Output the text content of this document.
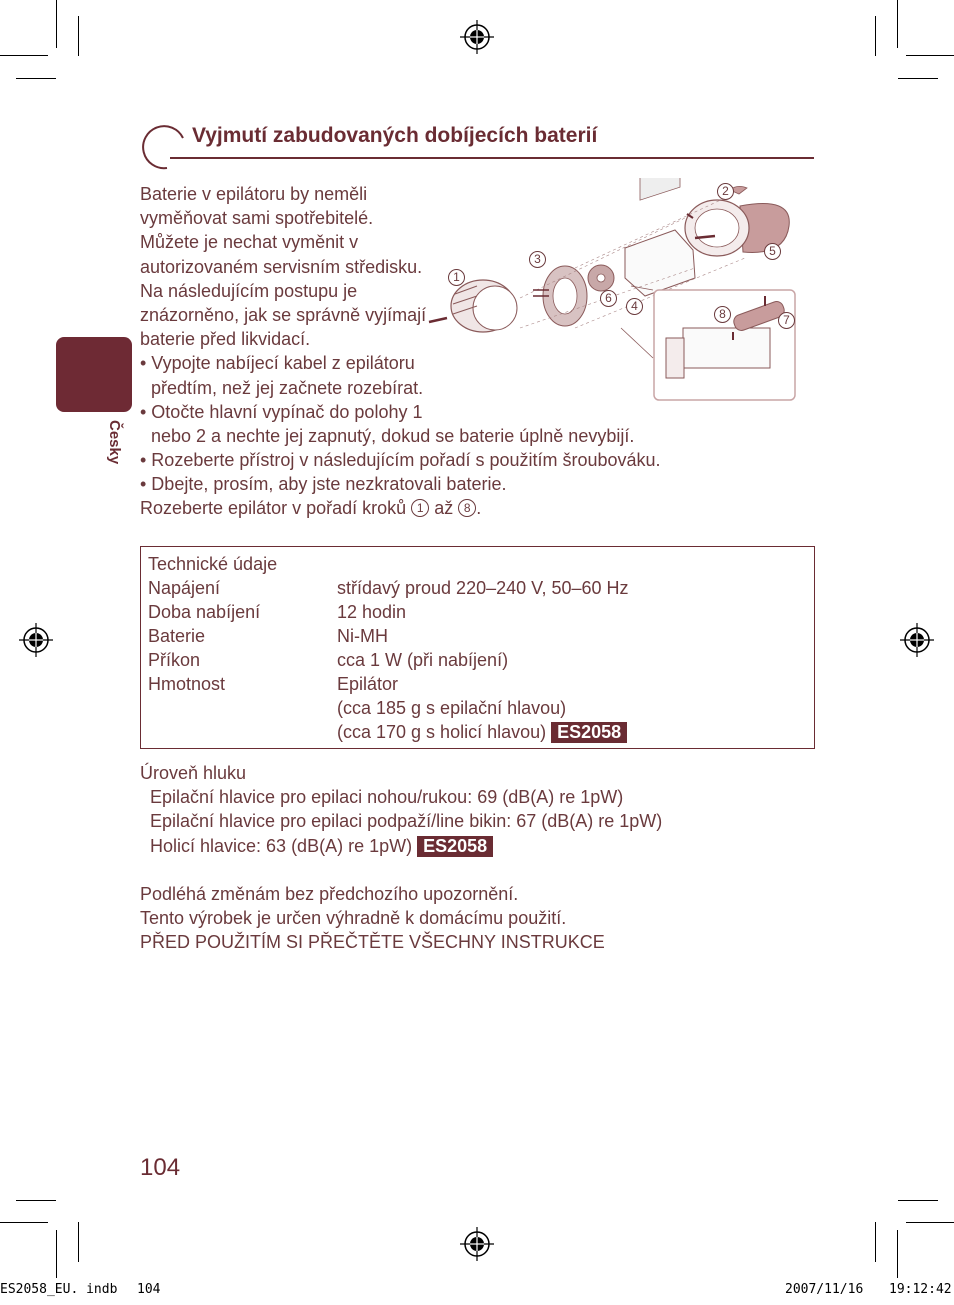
Vyjmutí zabudovaných dobíjecích baterií
Česky
Baterie v epilátoru by neměli
vyměňovat sami spotřebitelé.
Můžete je nechat vyměnit v
autorizovaném servisním středisku.
Na následujícím postupu je
znázorněno, jak se správně vyjímají
baterie před likvidací.
• Vypojte nabíjecí kabel z epilátoru
předtím, než jej začnete rozebírat.
• Otočte hlavní vypínač do polohy 1
nebo 2 a nechte jej zapnutý, dokud se baterie úplně nevybijí.
• Rozeberte přístroj v následujícím pořadí s použitím šroubováku.
• Dbejte, prosím, aby jste nezkratovali baterie.
Rozeberte epilátor v pořadí kroků 1 až 8 .
1
2
3
4
5
6
7
8
Technické údaje
Napájení	střídavý proud 220–240 V, 50–60 Hz
Doba nabíjení	12 hodin
Baterie	Ni-MH
Příkon	cca 1 W (při nabíjení)
Hmotnost	Epilátor
(cca 185 g s epilační hlavou)
(cca 170 g s holicí hlavou) ES2058
Úroveň hluku
Epilační hlavice pro epilaci nohou/rukou: 69 (dB(A) re 1pW)
Epilační hlavice pro epilaci podpaží/line bikin: 67 (dB(A) re 1pW)
Holicí hlavice: 63 (dB(A) re 1pW) ES2058
Podléhá změnám bez předchozího upozornění.
Tento výrobek je určen výhradně k domácímu použití.
PŘED POUŽITÍM SI PŘEČTĚTE VŠECHNY INSTRUKCE
104
ES2058_EU. indb 104	2007/11/16 19:12:42
